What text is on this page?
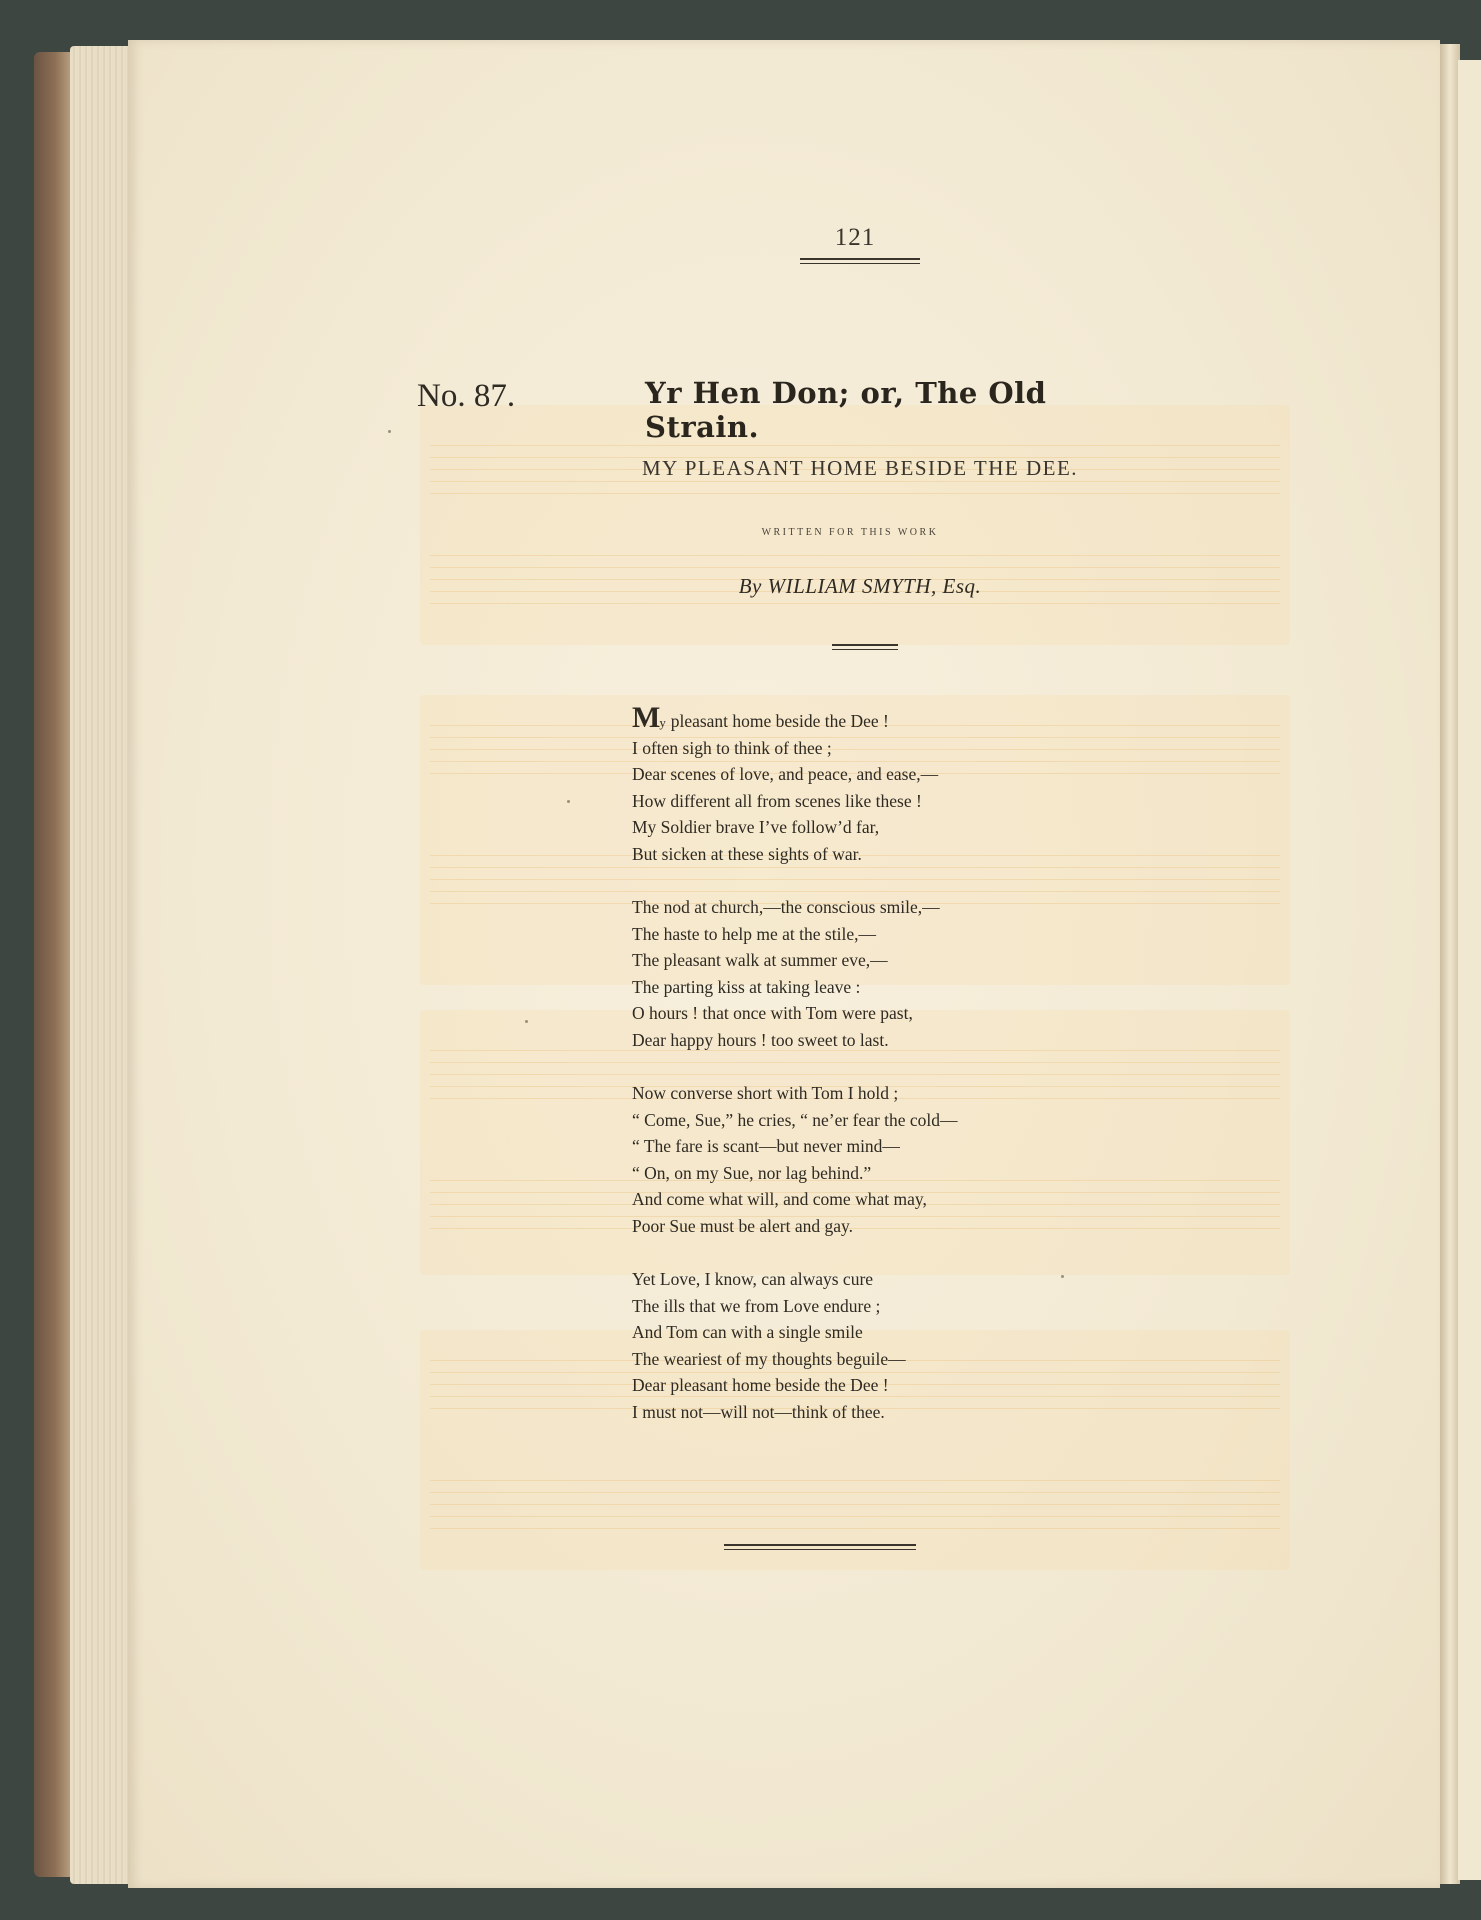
121
No. 87.	Yr Hen Don; or, The Old Strain.
MY PLEASANT HOME BESIDE THE DEE.
WRITTEN FOR THIS WORK
By WILLIAM SMYTH, Esq.
My pleasant home beside the Dee !
I often sigh to think of thee ;
Dear scenes of love, and peace, and ease,—
How different all from scenes like these !
My Soldier brave I’ve follow’d far,
But sicken at these sights of war.
The nod at church,—the conscious smile,—
The haste to help me at the stile,—
The pleasant walk at summer eve,—
The parting kiss at taking leave :
O hours ! that once with Tom were past,
Dear happy hours ! too sweet to last.
Now converse short with Tom I hold ;
“ Come, Sue,” he cries, “ ne’er fear the cold—
“ The fare is scant—but never mind—
“ On, on my Sue, nor lag behind.”
And come what will, and come what may,
Poor Sue must be alert and gay.
Yet Love, I know, can always cure
The ills that we from Love endure ;
And Tom can with a single smile
The weariest of my thoughts beguile—
Dear pleasant home beside the Dee !
I must not—will not—think of thee.
